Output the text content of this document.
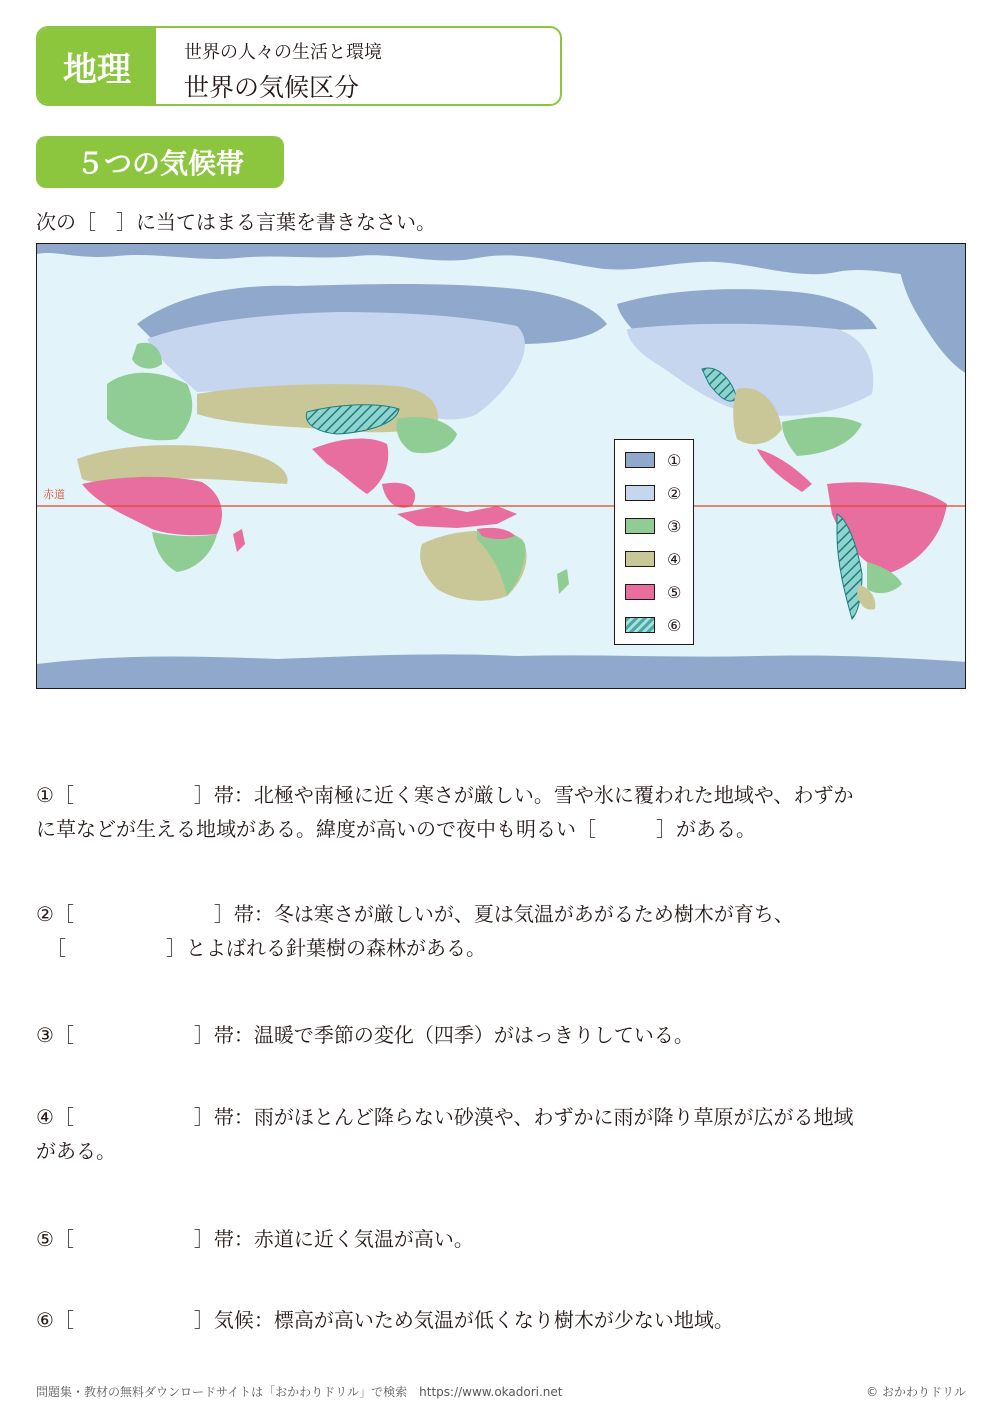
地理	世界の人々の生活と環境
世界の気候区分
５つの気候帯
次の［　］に当てはまる言葉を書きなさい。
赤道
①
②
③
④
⑤
⑥

①［　　　　　　］帯：北極や南極に近く寒さが厳しい。雪や氷に覆われた地域や、わずか

に草などが生える地域がある。緯度が高いので夜中も明るい［　　　］がある。

②［　　　　　　　］帯：冬は寒さが厳しいが、夏は気温があがるため樹木が育ち、

　［　　　　　］とよばれる針葉樹の森林がある。

③［　　　　　　］帯：温暖で季節の変化（四季）がはっきりしている。

④［　　　　　　］帯：雨がほとんど降らない砂漠や、わずかに雨が降り草原が広がる地域

がある。

⑤［　　　　　　］帯：赤道に近く気温が高い。

⑥［　　　　　　］気候：標高が高いため気温が低くなり樹木が少ない地域。

問題集・教材の無料ダウンロードサイトは「おかわりドリル」で検索　https://www.okadori.net	© おかわりドリル
